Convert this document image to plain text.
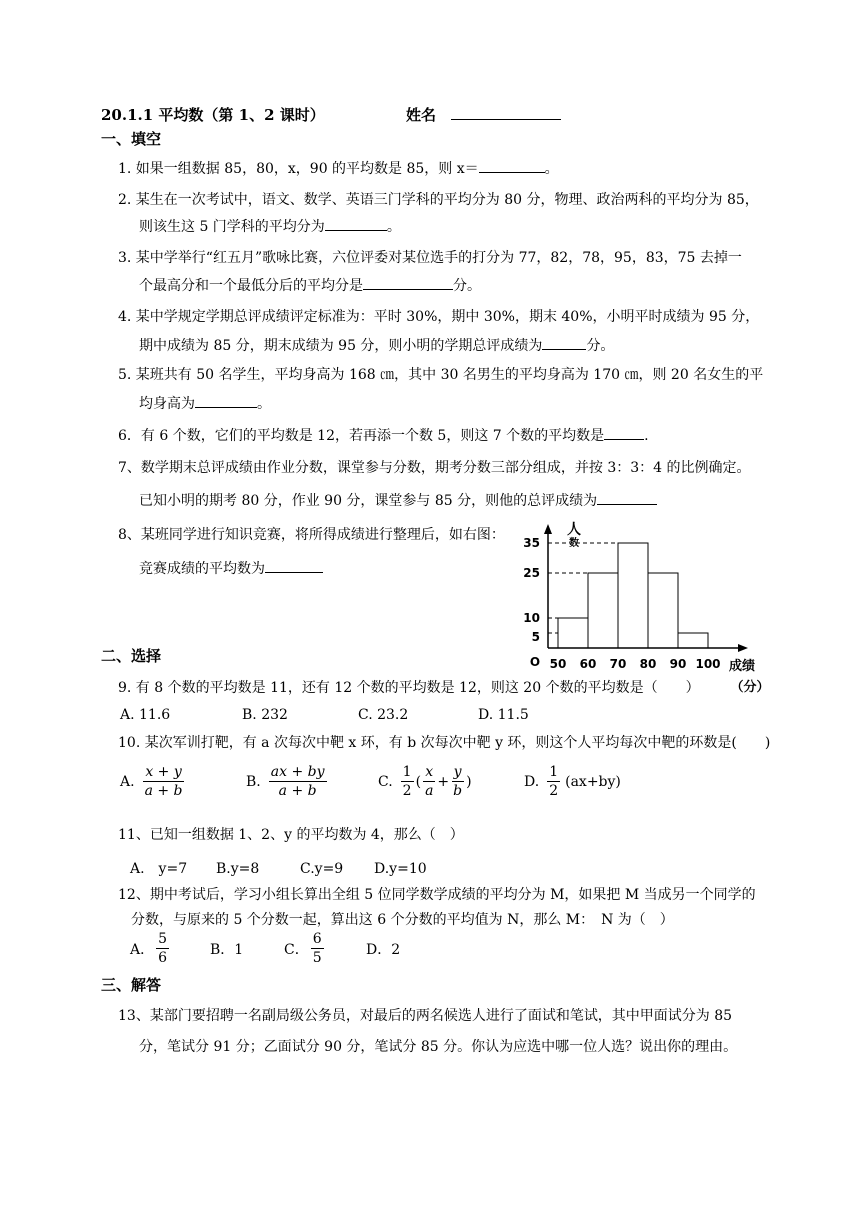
20.1.1 平均数（第 1、2 课时）	姓名
一、填空
1. 如果一组数据 85，80，x，90 的平均数是 85，则 x＝	。
2. 某生在一次考试中，语文、数学、英语三门学科的平均分为 80 分，物理、政治两科的平均分为 85，
则该生这 5 门学科的平均分为	。
3. 某中学举行“红五月”歌咏比赛，六位评委对某位选手的打分为 77，82，78，95，83，75 去掉一
个最高分和一个最低分后的平均分是	分。
4. 某中学规定学期总评成绩评定标准为：平时 30%，期中 30%，期末 40%，小明平时成绩为 95 分，
期中成绩为 85 分，期末成绩为 95 分，则小明的学期总评成绩为	分。
5. 某班共有 50 名学生，平均身高为 168 ㎝，其中 30 名男生的平均身高为 170 ㎝，则 20 名女生的平
均身高为	。
6．有 6 个数，它们的平均数是 12，若再添一个数 5，则这 7 个数的平均数是	.
7、数学期末总评成绩由作业分数，课堂参与分数，期考分数三部分组成，并按 3：3：4 的比例确定。
已知小明的期考 80 分，作业 90 分，课堂参与 85 分，则他的总评成绩为
8、某班同学进行知识竞赛，将所得成绩进行整理后，如右图：
竞赛成绩的平均数为
5
10
25
35
50 60 70 80 90 100
O
人
数
成绩
（分）
二、选择
9. 有 8 个数的平均数是 11，还有 12 个数的平均数是 12，则这 20 个数的平均数是（　　）
A. 11.6	B. 232	C. 23.2	D. 11.5
10. 某次军训打靶，有 a 次每次中靶 x 环，有 b 次每次中靶 y 环，则这个人平均每次中靶的环数是(　　)
A. $\frac{x + y}{a + b}$	B. $\frac{ax + by}{a + b}$	C. $\frac{1}{2}$ ( $\frac{x}{a} + \frac{y}{b}$ )	D. $\frac{1}{2} (ax+by)$
11、已知一组数据 1、2、y 的平均数为 4，那么（　）
A.　y=7 B.y=8	C.y=9 D.y=10
12、期中考试后，学习小组长算出全组 5 位同学数学成绩的平均分为 M，如果把 M 当成另一个同学的
分数，与原来的 5 个分数一起，算出这 6 个分数的平均值为 N，那么 M：　N 为（　）
A． $\frac{5}{6}$	B．1	C． $\frac{6}{5}$	D．2
三、解答
13、某部门要招聘一名副局级公务员，对最后的两名候选人进行了面试和笔试，其中甲面试分为 85
分，笔试分 91 分；乙面试分 90 分，笔试分 85 分。你认为应选中哪一位人选？说出你的理由。
